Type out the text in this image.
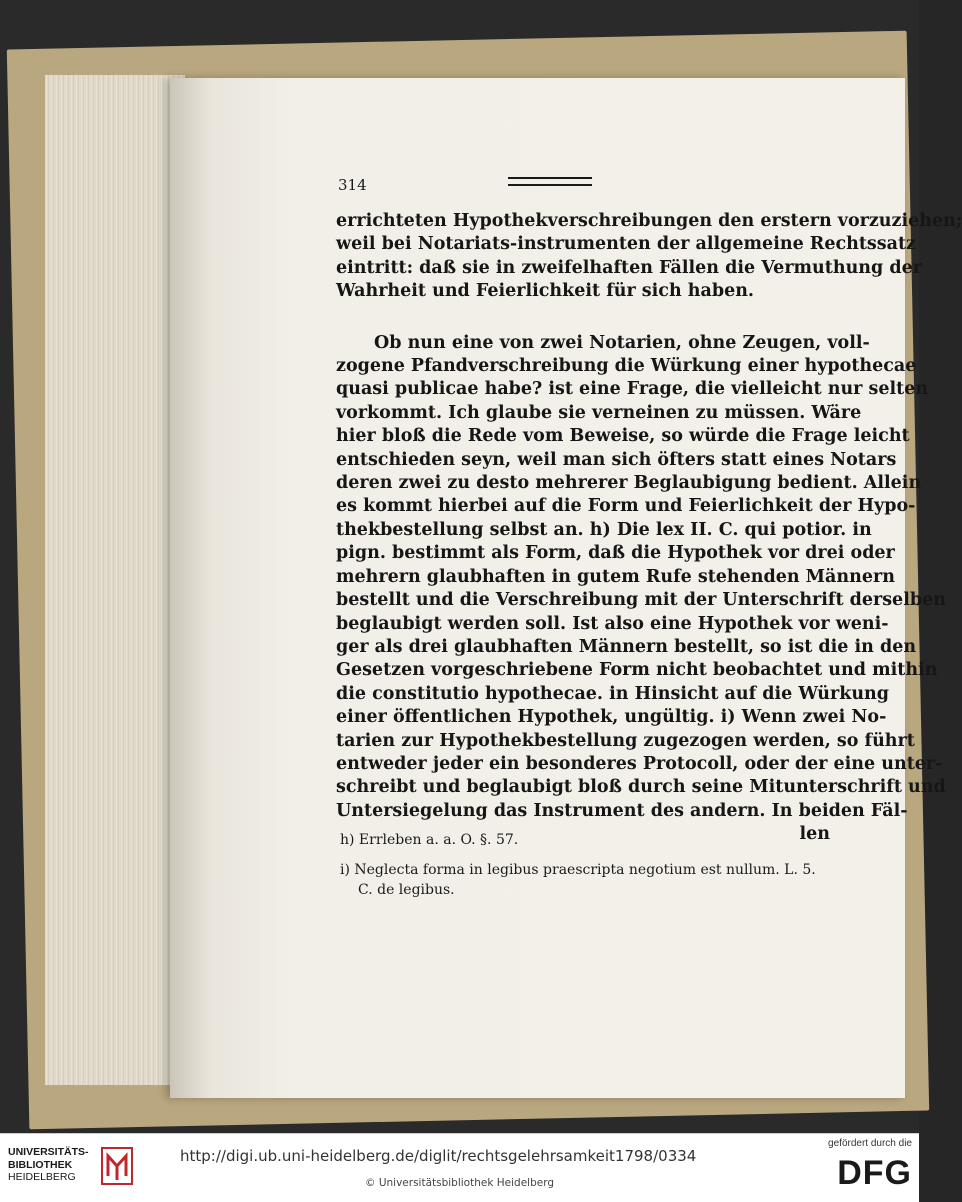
314
errichteten Hypothekverschreibungen den erstern vorzuziehen;
weil bei Notariats-instrumenten der allgemeine Rechtssatz
eintritt: daß sie in zweifelhaften Fällen die Vermuthung der
Wahrheit und Feierlichkeit für sich haben.
Ob nun eine von zwei Notarien, ohne Zeugen, voll-
zogene Pfandverschreibung die Würkung einer hypothecae
quasi publicae habe? ist eine Frage, die vielleicht nur selten
vorkommt. Ich glaube sie verneinen zu müssen. Wäre
hier bloß die Rede vom Beweise, so würde die Frage leicht
entschieden seyn, weil man sich öfters statt eines Notars
deren zwei zu desto mehrerer Beglaubigung bedient. Allein
es kommt hierbei auf die Form und Feierlichkeit der Hypo-
thekbestellung selbst an. h) Die lex II. C. qui potior. in
pign. bestimmt als Form, daß die Hypothek vor drei oder
mehrern glaubhaften in gutem Rufe stehenden Männern
bestellt und die Verschreibung mit der Unterschrift derselben
beglaubigt werden soll. Ist also eine Hypothek vor weni-
ger als drei glaubhaften Männern bestellt, so ist die in den
Gesetzen vorgeschriebene Form nicht beobachtet und mithin
die constitutio hypothecae. in Hinsicht auf die Würkung
einer öffentlichen Hypothek, ungültig. i) Wenn zwei No-
tarien zur Hypothekbestellung zugezogen werden, so führt
entweder jeder ein besonderes Protocoll, oder der eine unter-
schreibt und beglaubigt bloß durch seine Mitunterschrift und
Untersiegelung das Instrument des andern. In beiden Fäl-
len
h) Errleben a. a. O. §. 57.
i) Neglecta forma in legibus praescripta negotium est nullum. L. 5.
C. de legibus.
UNIVERSITÄTS-
BIBLIOTHEK
HEIDELBERG
http://digi.ub.uni-heidelberg.de/diglit/rechtsgelehrsamkeit1798/0334
© Universitätsbibliothek Heidelberg
gefördert durch die
DFG
